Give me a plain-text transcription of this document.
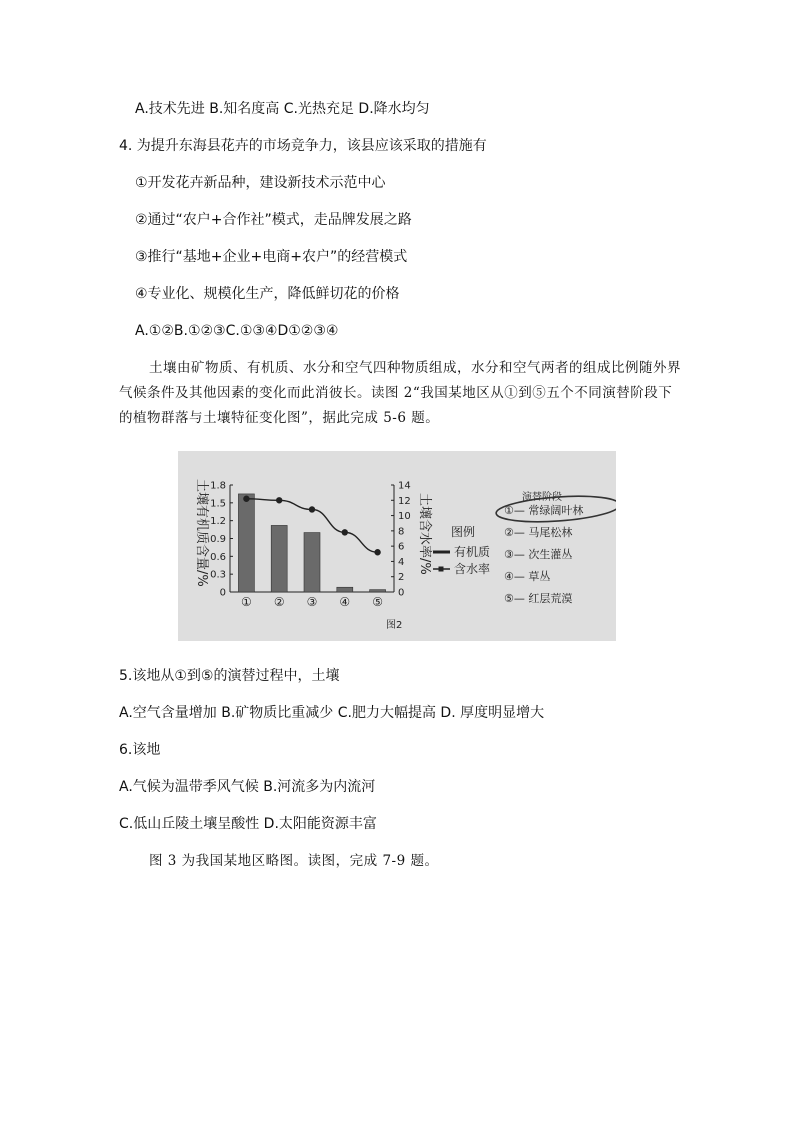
A.技术先进 B.知名度高 C.光热充足 D.降水均匀
4. 为提升东海县花卉的市场竞争力，该县应该采取的措施有
①开发花卉新品种，建设新技术示范中心
②通过“农户+合作社”模式，走品牌发展之路
③推行“基地+企业+电商+农户”的经营模式
④专业化、规模化生产，降低鲜切花的价格
A.①②B.①②③C.①③④D①②③④
土壤由矿物质、有机质、水分和空气四种物质组成，水分和空气两者的组成比例随外界
气候条件及其他因素的变化而此消彼长。读图 2“我国某地区从①到⑤五个不同演替阶段下
的植物群落与土壤特征变化图”，据此完成 5-6 题。
土壤有机质含量/%	土壤含水率/%
0
0.3
0.6
0.9
1.2
1.5
1.8
0
2
4
6
8
10
12
14
① ② ③ ④ ⑤
图例
有机质
含水率
演替阶段
①— 常绿阔叶林
②— 马尾松林
③— 次生灌丛
④— 草丛
⑤— 红层荒漠
图2
5.该地从①到⑤的演替过程中，土壤
A.空气含量增加 B.矿物质比重减少 C.肥力大幅提高 D. 厚度明显增大
6.该地
A.气候为温带季风气候 B.河流多为内流河
C.低山丘陵土壤呈酸性 D.太阳能资源丰富
图 3 为我国某地区略图。读图，完成 7-9 题。
